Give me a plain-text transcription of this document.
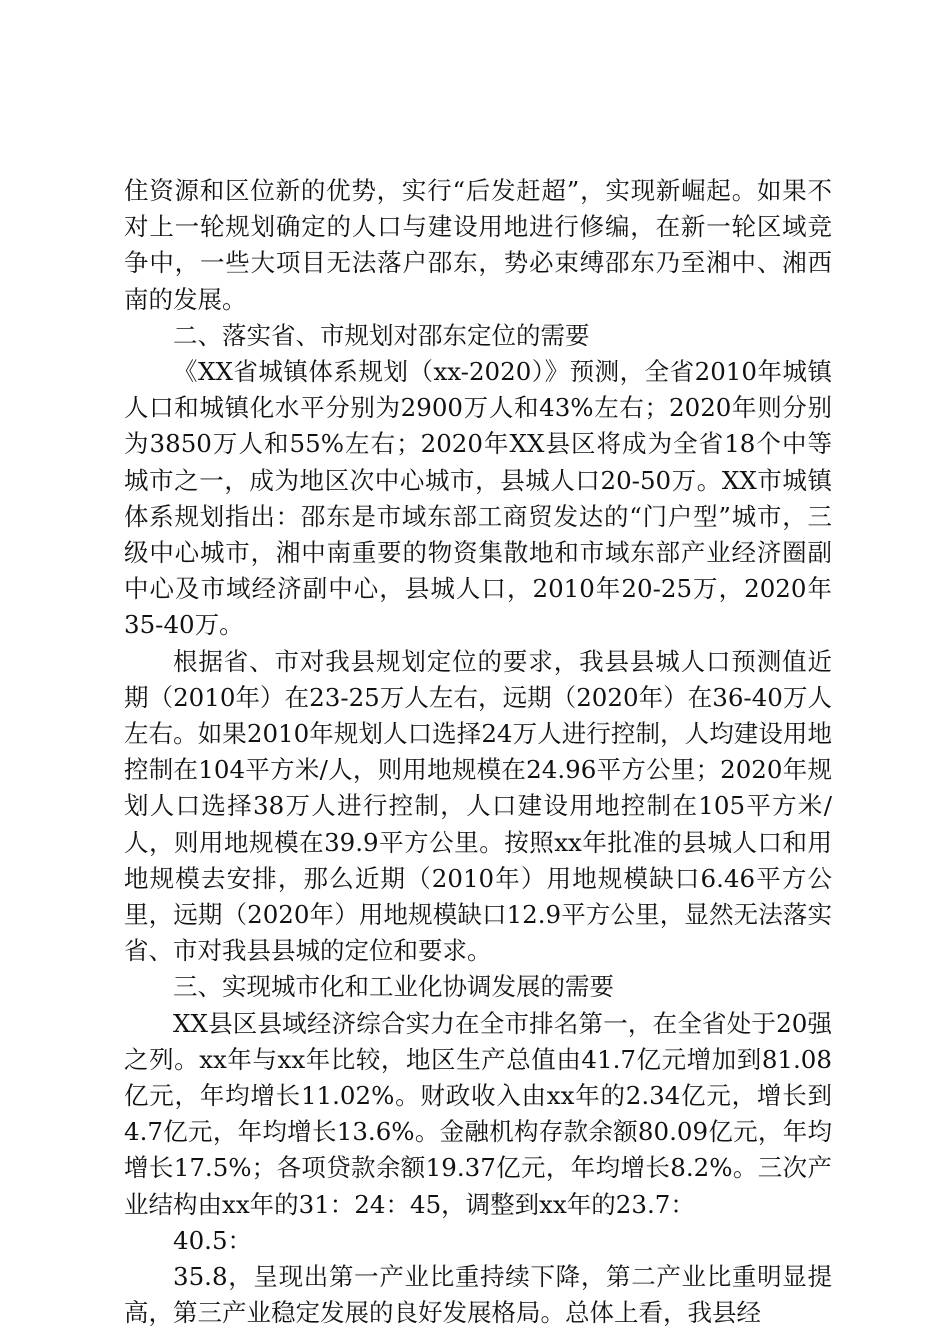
住资源和区位新的优势，实行“后发赶超”，实现新崛起。如果不对上一轮规划确定的人口与建设用地进行修编，在新一轮区域竞争中，一些大项目无法落户邵东，势必束缚邵东乃至湘中、湘西南的发展。

二、落实省、市规划对邵东定位的需要

《XX省城镇体系规划（xx-2020）》预测，全省2010年城镇人口和城镇化水平分别为2900万人和43%左右；2020年则分别为3850万人和55%左右；2020年XX县区将成为全省18个中等城市之一，成为地区次中心城市，县城人口20-50万。XX市城镇体系规划指出：邵东是市域东部工商贸发达的“门户型”城市，三级中心城市，湘中南重要的物资集散地和市域东部产业经济圈副中心及市域经济副中心，县城人口，2010年20-25万，2020年35-40万。

根据省、市对我县规划定位的要求，我县县城人口预测值近期（2010年）在23-25万人左右，远期（2020年）在36-40万人左右。如果2010年规划人口选择24万人进行控制，人均建设用地控制在104平方米/人，则用地规模在24.96平方公里；2020年规划人口选择38万人进行控制，人口建设用地控制在105平方米/人，则用地规模在39.9平方公里。按照xx年批准的县城人口和用地规模去安排，那么近期（2010年）用地规模缺口6.46平方公里，远期（2020年）用地规模缺口12.9平方公里，显然无法落实省、市对我县县城的定位和要求。

三、实现城市化和工业化协调发展的需要

XX县区县域经济综合实力在全市排名第一，在全省处于20强之列。xx年与xx年比较，地区生产总值由41.7亿元增加到81.08亿元，年均增长11.02%。财政收入由xx年的2.34亿元，增长到4.7亿元，年均增长13.6%。金融机构存款余额80.09亿元，年均增长17.5%；各项贷款余额19.37亿元，年均增长8.2%。三次产业结构由xx年的31：24：45，调整到xx年的23.7：

40.5：

35.8，呈现出第一产业比重持续下降，第二产业比重明显提高，第三产业稳定发展的良好发展格局。总体上看，我县经
